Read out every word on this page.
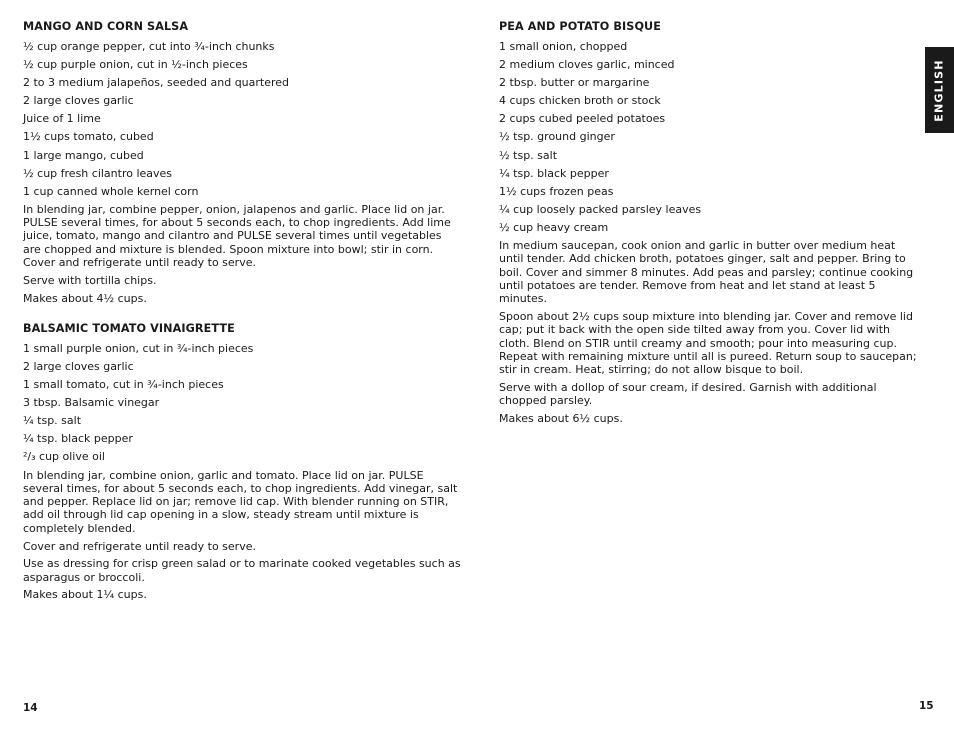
MANGO AND CORN SALSA
½ cup orange pepper, cut into ¾-inch chunks
½ cup purple onion, cut in ½-inch pieces
2 to 3 medium jalapeños, seeded and quartered
2 large cloves garlic
Juice of 1 lime
1½ cups tomato, cubed
1 large mango, cubed
½ cup fresh cilantro leaves
1 cup canned whole kernel corn

In blending jar, combine pepper, onion, jalapenos and garlic. Place lid on jar. PULSE several times, for about 5 seconds each, to chop ingredients. Add lime juice, tomato, mango and cilantro and PULSE several times until vegetables are chopped and mixture is blended. Spoon mixture into bowl; stir in corn. Cover and refrigerate until ready to serve.

Serve with tortilla chips.

Makes about 4½ cups.

BALSAMIC TOMATO VINAIGRETTE
1 small purple onion, cut in ¾-inch pieces
2 large cloves garlic
1 small tomato, cut in ¾-inch pieces
3 tbsp. Balsamic vinegar
¼ tsp. salt
¼ tsp. black pepper
²/₃ cup olive oil

In blending jar, combine onion, garlic and tomato. Place lid on jar. PULSE several times, for about 5 seconds each, to chop ingredients. Add vinegar, salt and pepper. Replace lid on jar; remove lid cap. With blender running on STIR, add oil through lid cap opening in a slow, steady stream until mixture is completely blended.

Cover and refrigerate until ready to serve.

Use as dressing for crisp green salad or to marinate cooked vegetables such as asparagus or broccoli.

Makes about 1¼ cups.

PEA AND POTATO BISQUE
1 small onion, chopped
2 medium cloves garlic, minced
2 tbsp. butter or margarine
4 cups chicken broth or stock
2 cups cubed peeled potatoes
½ tsp. ground ginger
½ tsp. salt
¼ tsp. black pepper
1½ cups frozen peas
¼ cup loosely packed parsley leaves
½ cup heavy cream

In medium saucepan, cook onion and garlic in butter over medium heat until tender. Add chicken broth, potatoes ginger, salt and pepper. Bring to boil. Cover and simmer 8 minutes. Add peas and parsley; continue cooking until potatoes are tender. Remove from heat and let stand at least 5 minutes.

Spoon about 2½ cups soup mixture into blending jar. Cover and remove lid cap; put it back with the open side tilted away from you. Cover lid with cloth. Blend on STIR until creamy and smooth; pour into measuring cup. Repeat with remaining mixture until all is pureed. Return soup to saucepan; stir in cream. Heat, stirring; do not allow bisque to boil.

Serve with a dollop of sour cream, if desired. Garnish with additional chopped parsley.

Makes about 6½ cups.

ENGLISH
14	15
